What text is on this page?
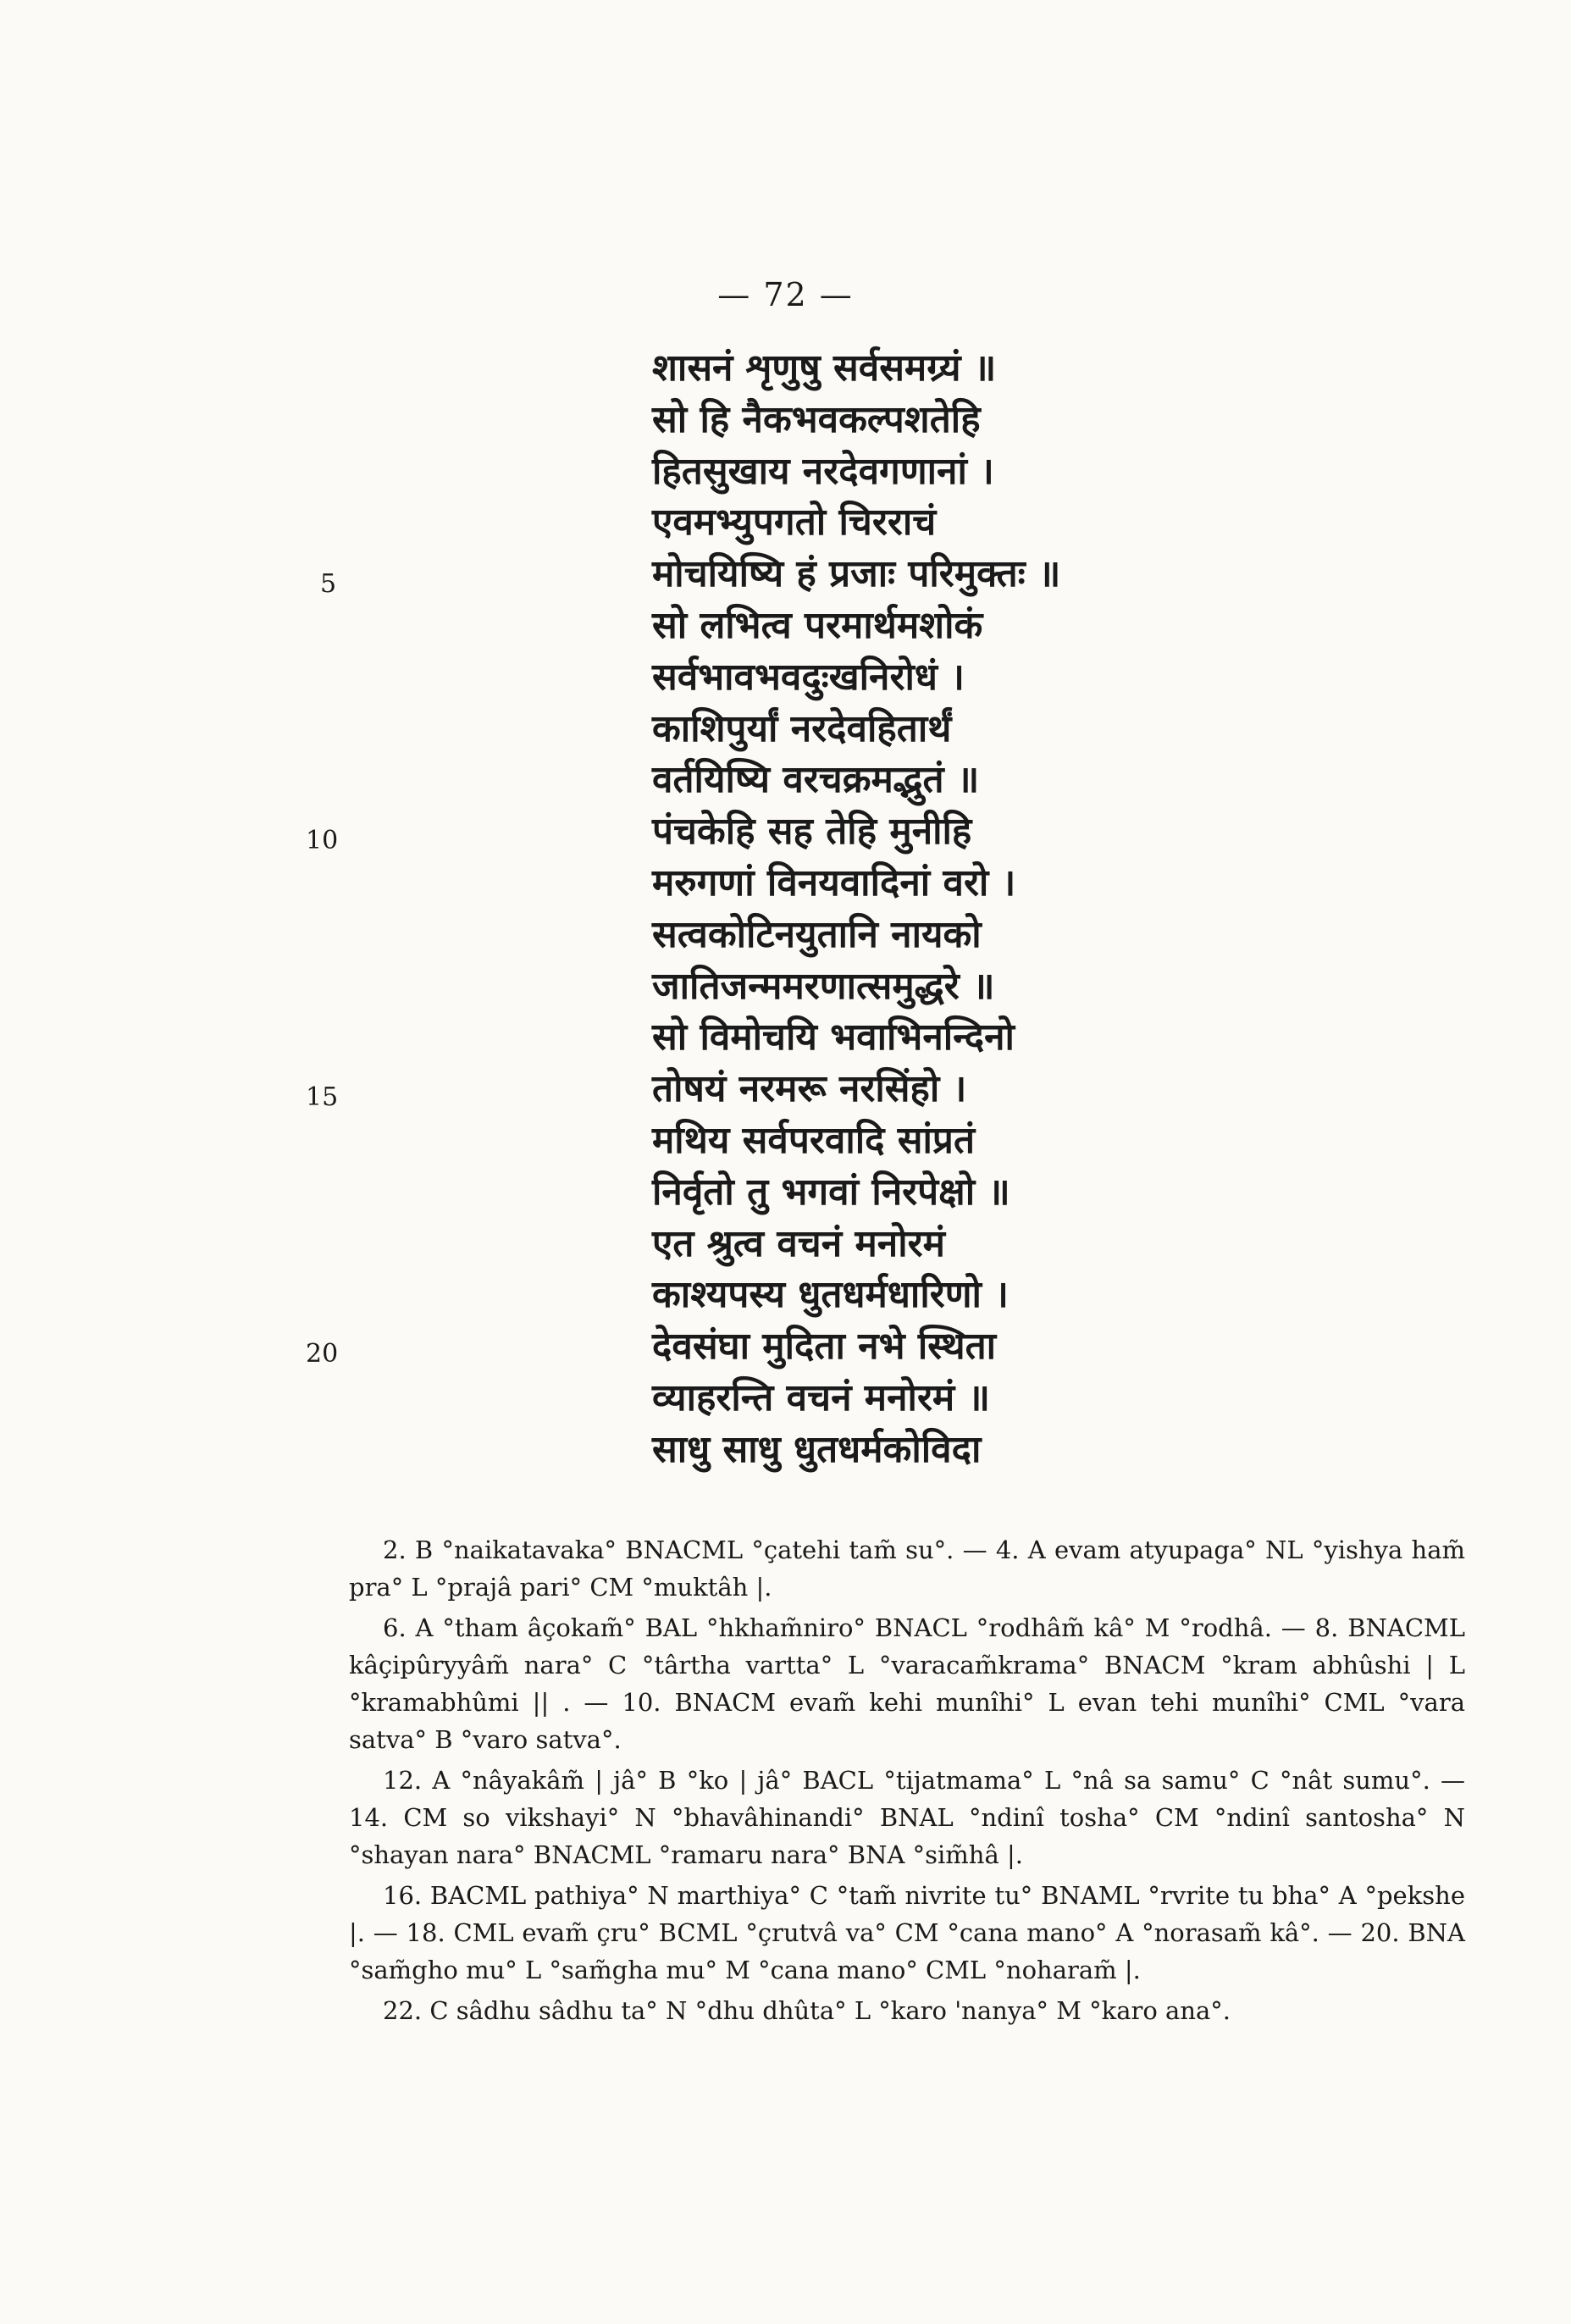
— 72 —
5
10
15
20
शासनं शृणुषु सर्वसमग्र्यं ॥
सो हि नैकभवकल्पशतेहि
हितसुखाय नरदेवगणानां ।
एवमभ्युपगतो चिरराचं
मोचयिष्यि हं प्रजाः परिमुक्तः ॥
सो लभित्व परमार्थमशोकं
सर्वभावभवदुःखनिरोधं ।
काशिपुर्यां नरदेवहितार्थं
वर्तयिष्यि वरचक्रमद्भुतं ॥
पंचकेहि सह तेहि मुनीहि
मरुगणां विनयवादिनां वरो ।
सत्वकोटिनयुतानि नायको
जातिजन्ममरणात्समुद्धरे ॥
सो विमोचयि भवाभिनन्दिनो
तोषयं नरमरू नरसिंहो ।
मथिय सर्वपरवादि सांप्रतं
निर्वृतो तु भगवां निरपेक्षो ॥
एत श्रुत्व वचनं मनोरमं
काश्यपस्य धुतधर्मधारिणो ।
देवसंघा मुदिता नभे स्थिता
व्याहरन्ति वचनं मनोरमं ॥
साधु साधु धुतधर्मकोविदा

2. B °naikatavaka° BNACML °çatehi tam̃ su°. — 4. A evam atyupaga° NL °yishya ham̃ pra° L °prajâ pari° CM °muktâh |.

6. A °tham âçokam̃° BAL °hkham̃niro° BNACL °rodhâm̃ kâ° M °rodhâ. — 8. BNACML kâçipûryyâm̃ nara° C °târtha vartta° L °varacam̃krama° BNACM °kram abhûshi | L °kramabhûmi || . — 10. BNACM evam̃ kehi munîhi° L evan tehi munîhi° CML °vara satva° B °varo satva°.

12. A °nâyakâm̃ | jâ° B °ko | jâ° BACL °tijatmama° L °nâ sa samu° C °nât sumu°. — 14. CM so vikshayi° N °bhavâhinandi° BNAL °ndinî tosha° CM °ndinî santosha° N °shayan nara° BNACML °ramaru nara° BNA °sim̃hâ |.

16. BACML pathiya° N marthiya° C °tam̃ nivrite tu° BNAML °rvrite tu bha° A °pekshe |. — 18. CML evam̃ çru° BCML °çrutvâ va° CM °cana mano° A °norasam̃ kâ°. — 20. BNA °sam̃gho mu° L °sam̃gha mu° M °cana mano° CML °noharam̃ |.

22. C sâdhu sâdhu ta° N °dhu dhûta° L °karo 'nanya° M °karo ana°.
